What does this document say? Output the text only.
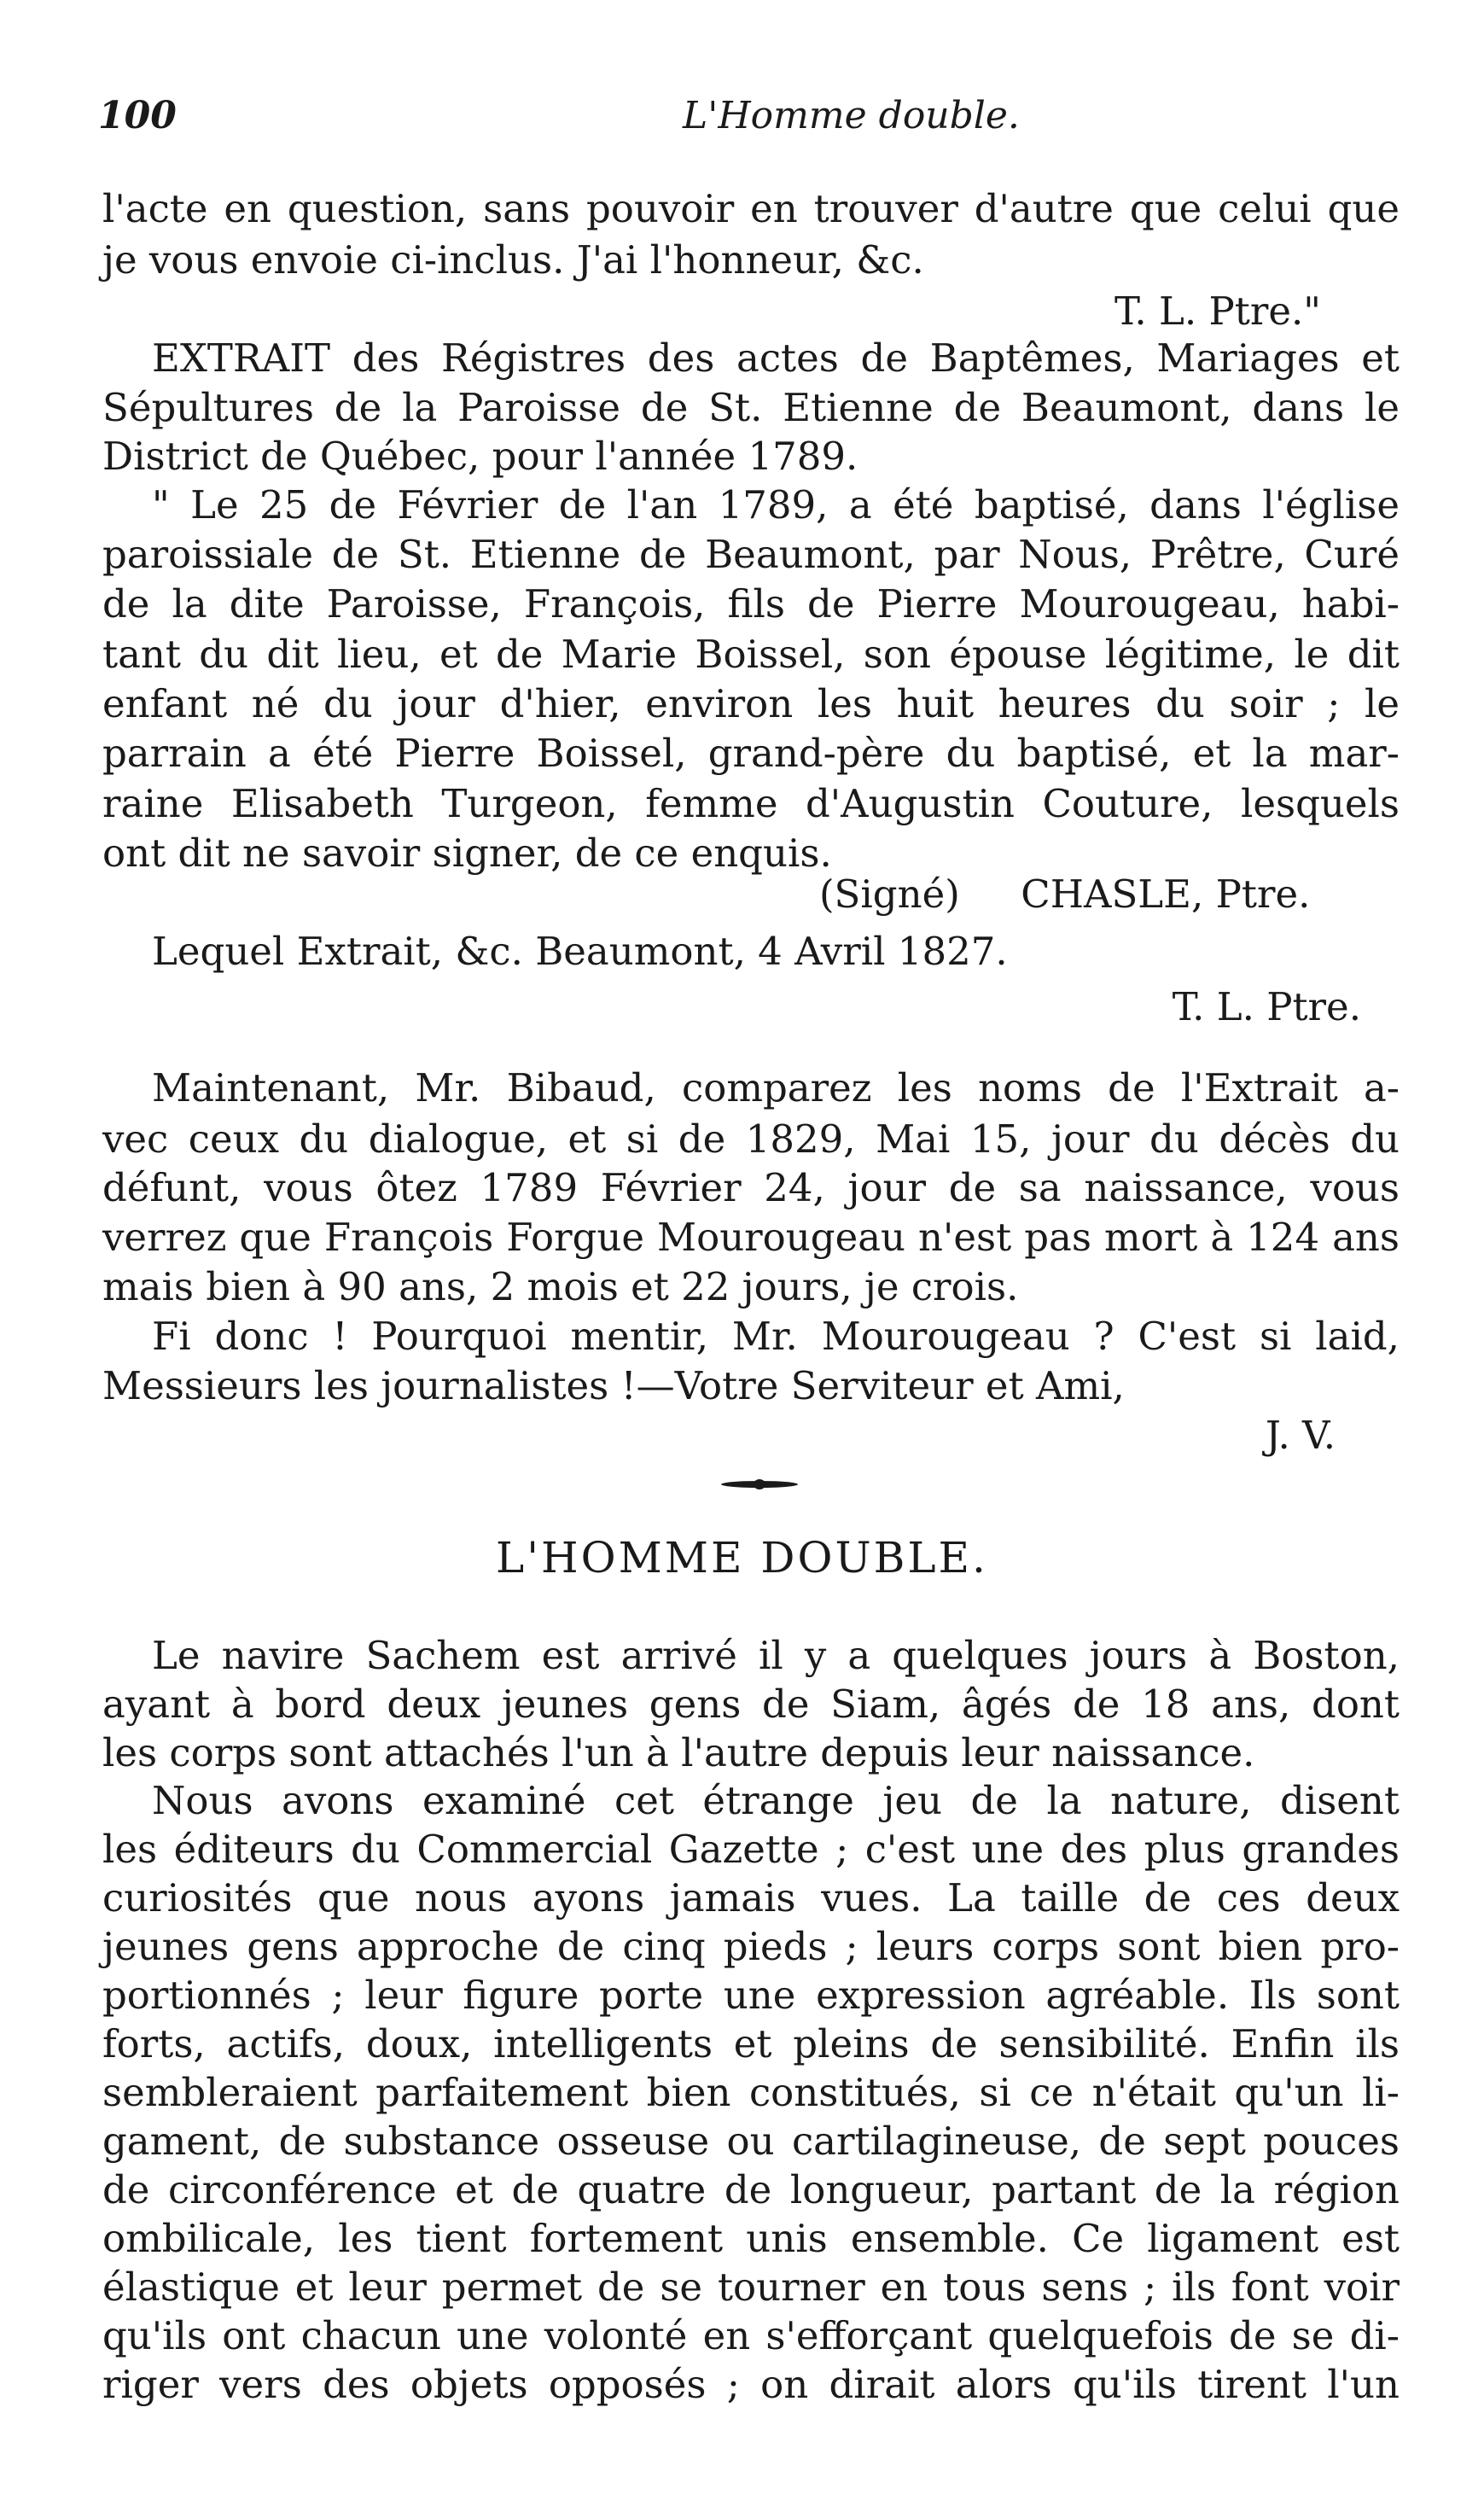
100	L'Homme double.
l'acte en question, sans pouvoir en trouver d'autre que celui que
je vous envoie ci-inclus. J'ai l'honneur, &c.
T. L. Ptre."
EXTRAIT des Régistres des actes de Baptêmes, Mariages et
Sépultures de la Paroisse de St. Etienne de Beaumont, dans le
District de Québec, pour l'année 1789.
" Le 25 de Février de l'an 1789, a été baptisé, dans l'église
paroissiale de St. Etienne de Beaumont, par Nous, Prêtre, Curé
de la dite Paroisse, François, fils de Pierre Mourougeau, habi-
tant du dit lieu, et de Marie Boissel, son épouse légitime, le dit
enfant né du jour d'hier, environ les huit heures du soir ; le
parrain a été Pierre Boissel, grand-père du baptisé, et la mar-
raine Elisabeth Turgeon, femme d'Augustin Couture, lesquels
ont dit ne savoir signer, de ce enquis.
(Signé)     CHASLE, Ptre.
Lequel Extrait, &c. Beaumont, 4 Avril 1827.
T. L. Ptre.
Maintenant, Mr. Bibaud, comparez les noms de l'Extrait a-
vec ceux du dialogue, et si de 1829, Mai 15, jour du décès du
défunt, vous ôtez 1789 Février 24, jour de sa naissance, vous
verrez que François Forgue Mourougeau n'est pas mort à 124 ans
mais bien à 90 ans, 2 mois et 22 jours, je crois.
Fi donc ! Pourquoi mentir, Mr. Mourougeau ? C'est si laid,
Messieurs les journalistes !—Votre Serviteur et Ami,
J. V.
L'HOMME DOUBLE.
Le navire Sachem est arrivé il y a quelques jours à Boston,
ayant à bord deux jeunes gens de Siam, âgés de 18 ans, dont
les corps sont attachés l'un à l'autre depuis leur naissance.
Nous avons examiné cet étrange jeu de la nature, disent
les éditeurs du Commercial Gazette ; c'est une des plus grandes
curiosités que nous ayons jamais vues. La taille de ces deux
jeunes gens approche de cinq pieds ; leurs corps sont bien pro-
portionnés ; leur figure porte une expression agréable. Ils sont
forts, actifs, doux, intelligents et pleins de sensibilité. Enfin ils
sembleraient parfaitement bien constitués, si ce n'était qu'un li-
gament, de substance osseuse ou cartilagineuse, de sept pouces
de circonférence et de quatre de longueur, partant de la région
ombilicale, les tient fortement unis ensemble. Ce ligament est
élastique et leur permet de se tourner en tous sens ; ils font voir
qu'ils ont chacun une volonté en s'efforçant quelquefois de se di-
riger vers des objets opposés ; on dirait alors qu'ils tirent l'un
